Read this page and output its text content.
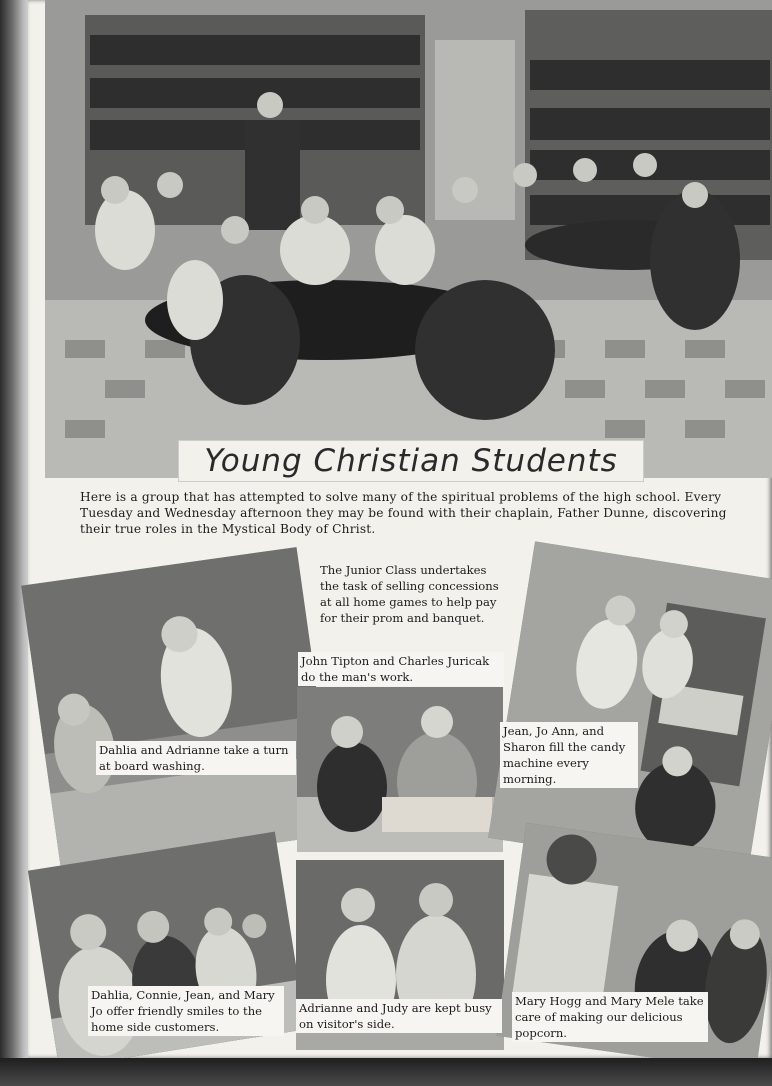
Young Christian Students

Here is a group that has attempted to solve many of the spiritual problems of the high school. Every Tuesday and Wednesday afternoon they may be found with their chaplain, Father Dunne, discovering their true roles in the Mystical Body of Christ.

The Junior Class undertakes the task of selling concessions at all home games to help pay for their prom and banquet.

John Tipton and Charles Juricak do the man's work.

Dahlia and Adrianne take a turn at board washing.

Jean, Jo Ann, and Sharon fill the candy machine every morning.

Dahlia, Connie, Jean, and Mary Jo offer friendly smiles to the home side customers.

Adrianne and Judy are kept busy on visitor's side.

Mary Hogg and Mary Mele take care of making our delicious popcorn.
